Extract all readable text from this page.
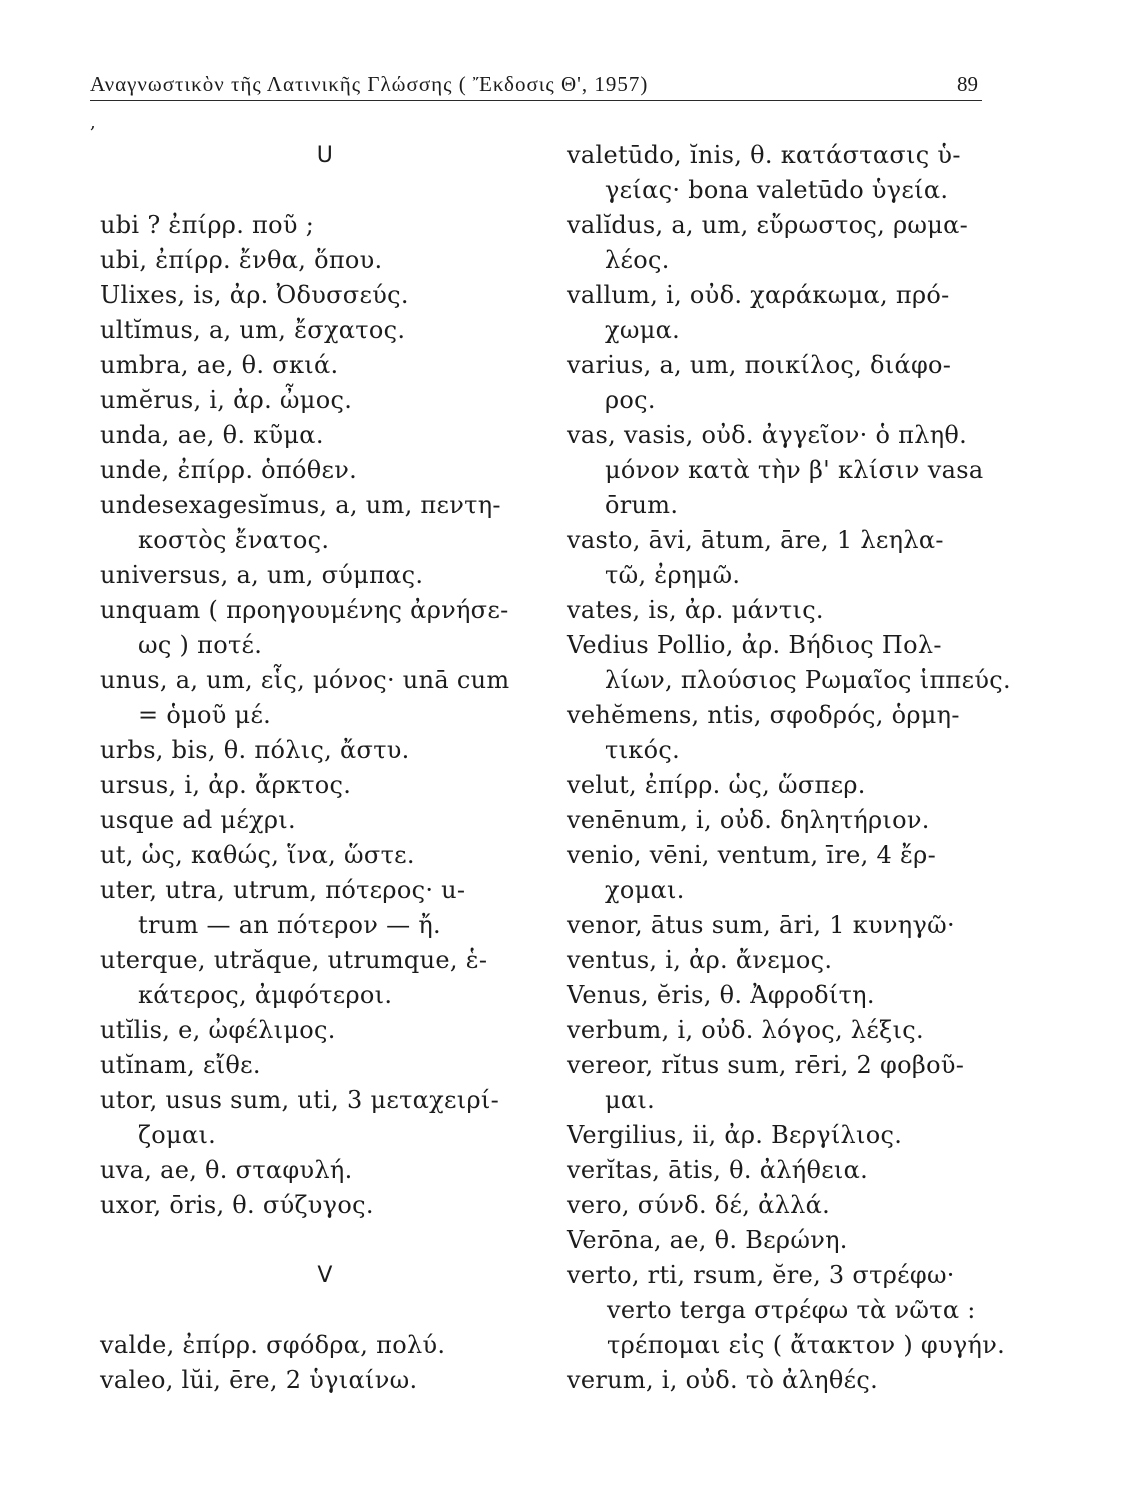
Αναγνωστικὸν τῆς Λατινικῆς Γλώσσης ( Ἔκδοσις Θ', 1957)	89
,
U
ubi ? ἐπίρρ. ποῦ ;
ubi, ἐπίρρ. ἔνθα, ὅπου.
Ulixes, is, ἀρ. Ὀδυσσεύς.
ultĭmus, a, um, ἔσχατος.
umbra, ae, θ. σκιά.
umĕrus, i, ἀρ. ὦμος.
unda, ae, θ. κῦμα.
unde, ἐπίρρ. ὁπόθεν.
undesexagesĭmus, a, um, πεντη-
κοστὸς ἔνατος.
universus, a, um, σύμπας.
unquam ( προηγουμένης ἀρνήσε-
ως ) ποτέ.
unus, a, um, εἷς, μόνος· unā cum
= ὁμοῦ μέ.
urbs, bis, θ. πόλις, ἄστυ.
ursus, i, ἀρ. ἄρκτος.
usque ad μέχρι.
ut, ὡς, καθώς, ἵνα, ὥστε.
uter, utra, utrum, πότερος· u-
trum — an πότερον — ἤ.
uterque, utrăque, utrumque, ἑ-
κάτερος, ἀμφότεροι.
utĭlis, e, ὠφέλιμος.
utĭnam, εἴθε.
utor, usus sum, uti, 3 μεταχειρί-
ζομαι.
uva, ae, θ. σταφυλή.
uxor, ōris, θ. σύζυγος.
V
valde, ἐπίρρ. σφόδρα, πολύ.
valeo, lŭi, ēre, 2 ὑγιαίνω.
valetūdo, ĭnis, θ. κατάστασις ὑ-
γείας· bona valetūdo ὑγεία.
valĭdus, a, um, εὔρωστος, ρωμα-
λέος.
vallum, i, οὐδ. χαράκωμα, πρό-
χωμα.
varius, a, um, ποικίλος, διάφο-
ρος.
vas, vasis, οὐδ. ἀγγεῖον· ὁ πληθ.
μόνον κατὰ τὴν β' κλίσιν vasa
ōrum.
vasto, āvi, ātum, āre, 1 λεηλα-
τῶ, ἐρημῶ.
vates, is, ἀρ. μάντις.
Vedius Pollio, ἀρ. Βήδιος Πολ-
λίων, πλούσιος Ρωμαῖος ἱππεύς.
vehĕmens, ntis, σφοδρός, ὁρμη-
τικός.
velut, ἐπίρρ. ὡς, ὥσπερ.
venēnum, i, οὐδ. δηλητήριον.
venio, vēni, ventum, īre, 4 ἔρ-
χομαι.
venor, ātus sum, āri, 1 κυνηγῶ·
ventus, i, ἀρ. ἄνεμος.
Venus, ĕris, θ. Ἀφροδίτη.
verbum, i, οὐδ. λόγος, λέξις.
vereor, rĭtus sum, rēri, 2 φοβοῦ-
μαι.
Vergilius, ii, ἀρ. Βεργίλιος.
verĭtas, ātis, θ. ἀλήθεια.
vero, σύνδ. δέ, ἀλλά.
Verōna, ae, θ. Βερώνη.
verto, rti, rsum, ĕre, 3 στρέφω·
verto terga στρέφω τὰ νῶτα :
τρέπομαι εἰς ( ἄτακτον ) φυγήν.
verum, i, οὐδ. τὸ ἀληθές.
